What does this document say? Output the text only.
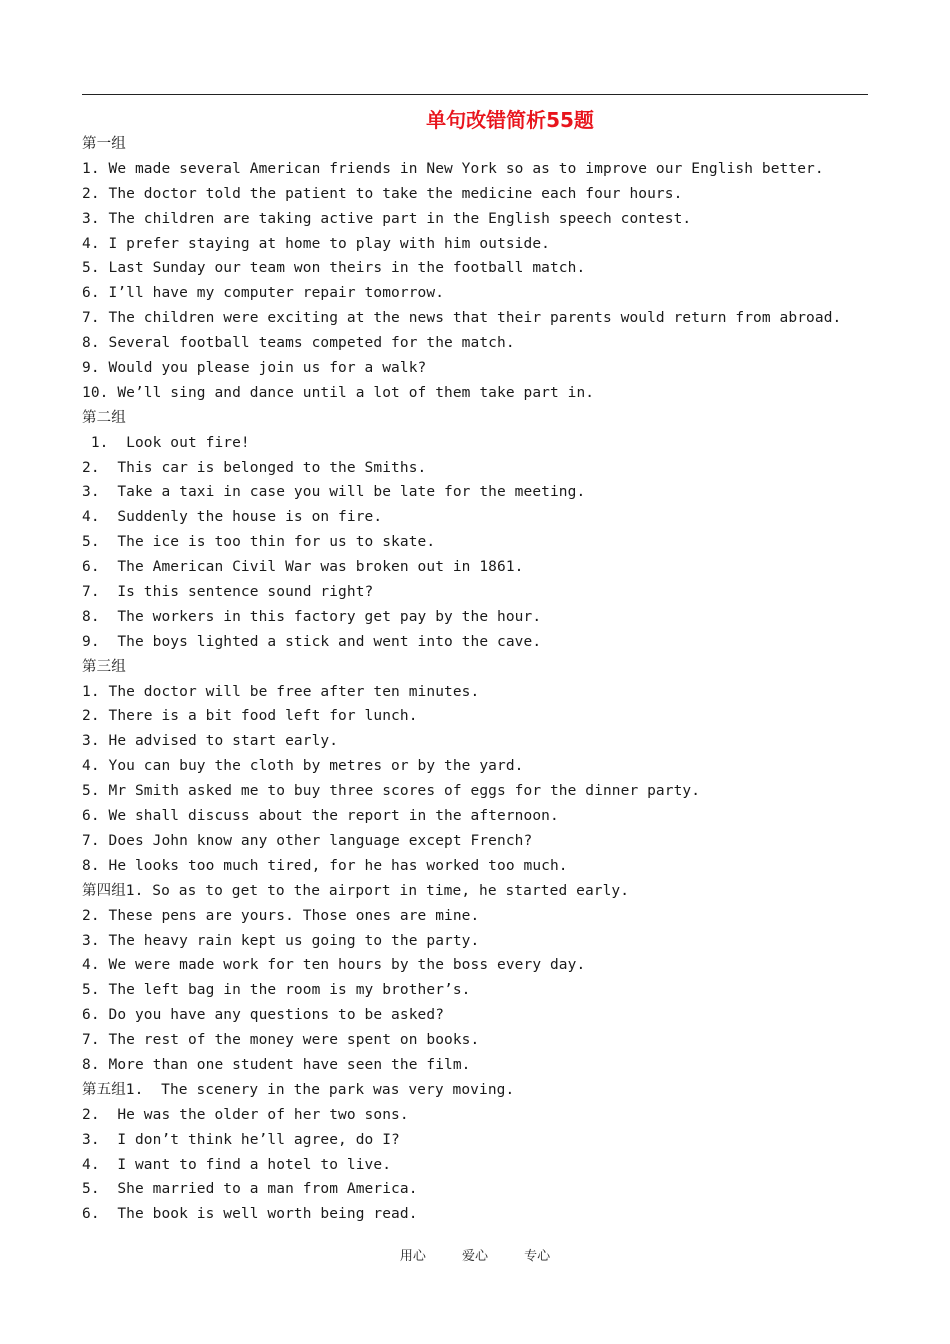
单句改错简析55题
第一组
1. We made several American friends in New York so as to improve our English better.
2. The doctor told the patient to take the medicine each four hours.
3. The children are taking active part in the English speech contest.
4. I prefer staying at home to play with him outside.
5. Last Sunday our team won theirs in the football match.
6. I’ll have my computer repair tomorrow.
7. The children were exciting at the news that their parents would return from abroad.
8. Several football teams competed for the match.
9. Would you please join us for a walk?
10. We’ll sing and dance until a lot of them take part in.
第二组
1.  Look out fire!
2.  This car is belonged to the Smiths.
3.  Take a taxi in case you will be late for the meeting.
4.  Suddenly the house is on fire.
5.  The ice is too thin for us to skate.
6.  The American Civil War was broken out in 1861.
7.  Is this sentence sound right?
8.  The workers in this factory get pay by the hour.
9.  The boys lighted a stick and went into the cave.
第三组
1. The doctor will be free after ten minutes.
2. There is a bit food left for lunch.
3. He advised to start early.
4. You can buy the cloth by metres or by the yard.
5. Mr Smith asked me to buy three scores of eggs for the dinner party.
6. We shall discuss about the report in the afternoon.
7. Does John know any other language except French?
8. He looks too much tired, for he has worked too much.
第四组1. So as to get to the airport in time, he started early.
2. These pens are yours. Those ones are mine.
3. The heavy rain kept us going to the party.
4. We were made work for ten hours by the boss every day.
5. The left bag in the room is my brother’s.
6. Do you have any questions to be asked?
7. The rest of the money were spent on books.
8. More than one student have seen the film.
第五组1.  The scenery in the park was very moving.
2.  He was the older of her two sons.
3.  I don’t think he’ll agree, do I?
4.  I want to find a hotel to live.
5.  She married to a man from America.
6.  The book is well worth being read.
用心	爱心	专心
